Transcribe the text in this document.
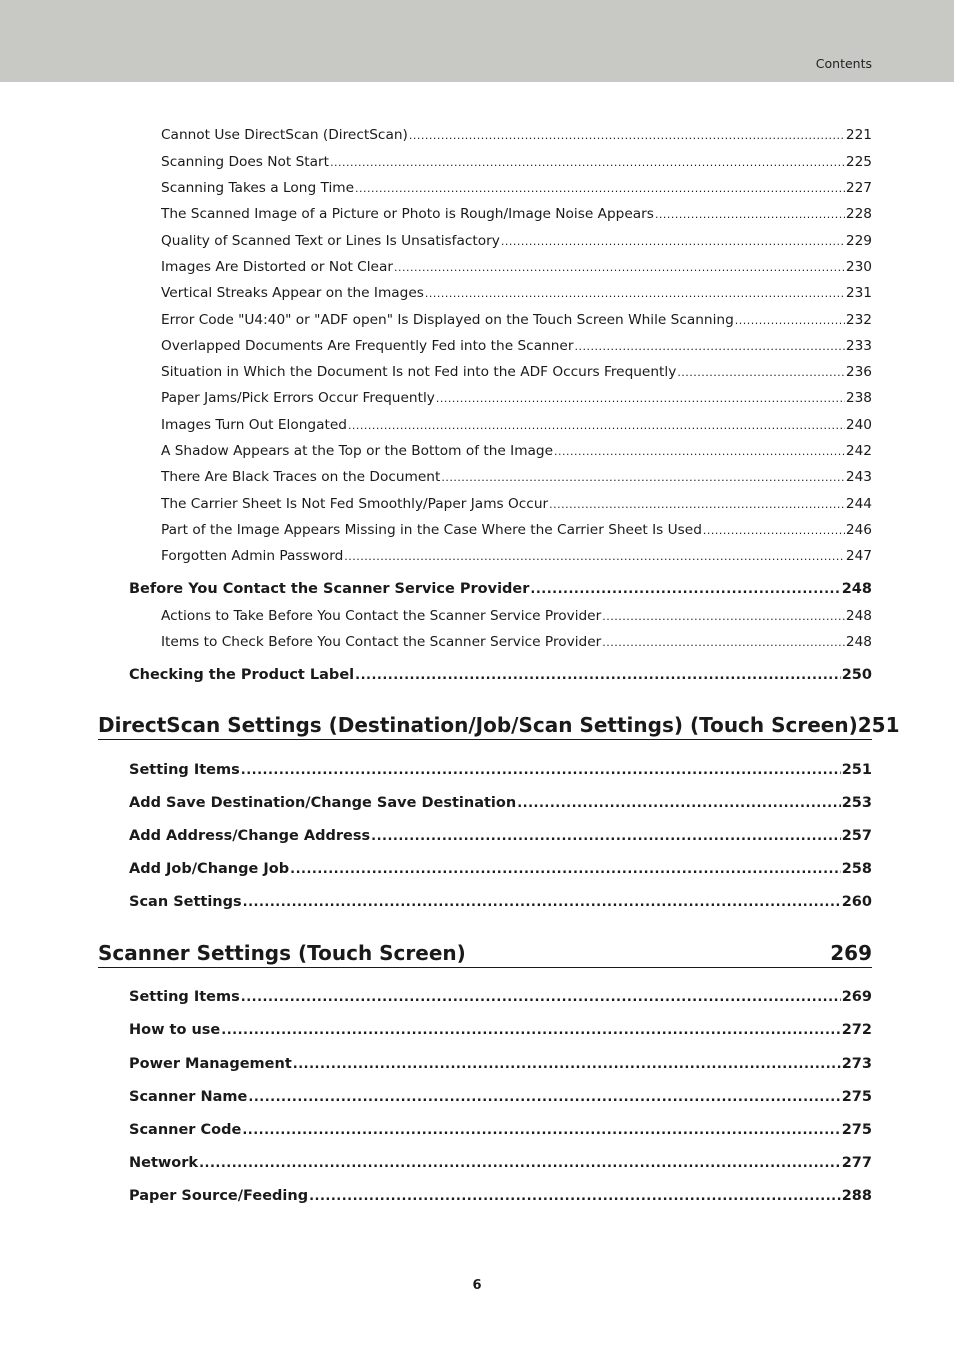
Contents
Cannot Use DirectScan (DirectScan) .....	221
Scanning Does Not Start .....	225
Scanning Takes a Long Time .....	227
The Scanned Image of a Picture or Photo is Rough/Image Noise Appears .....	228
Quality of Scanned Text or Lines Is Unsatisfactory .....	229
Images Are Distorted or Not Clear .....	230
Vertical Streaks Appear on the Images .....	231
Error Code "U4:40" or "ADF open" Is Displayed on the Touch Screen While Scanning .....	232
Overlapped Documents Are Frequently Fed into the Scanner .....	233
Situation in Which the Document Is not Fed into the ADF Occurs Frequently .....	236
Paper Jams/Pick Errors Occur Frequently .....	238
Images Turn Out Elongated .....	240
A Shadow Appears at the Top or the Bottom of the Image .....	242
There Are Black Traces on the Document .....	243
The Carrier Sheet Is Not Fed Smoothly/Paper Jams Occur .....	244
Part of the Image Appears Missing in the Case Where the Carrier Sheet Is Used .....	246
Forgotten Admin Password .....	247
Before You Contact the Scanner Service Provider .....	248
Actions to Take Before You Contact the Scanner Service Provider .....	248
Items to Check Before You Contact the Scanner Service Provider .....	248
Checking the Product Label .....	250
DirectScan Settings (Destination/Job/Scan Settings) (Touch Screen) 251
Setting Items .....	251
Add Save Destination/Change Save Destination .....	253
Add Address/Change Address .....	257
Add Job/Change Job .....	258
Scan Settings .....	260
Scanner Settings (Touch Screen)	269
Setting Items .....	269
How to use .....	272
Power Management .....	273
Scanner Name .....	275
Scanner Code .....	275
Network .....	277
Paper Source/Feeding .....	288
6
